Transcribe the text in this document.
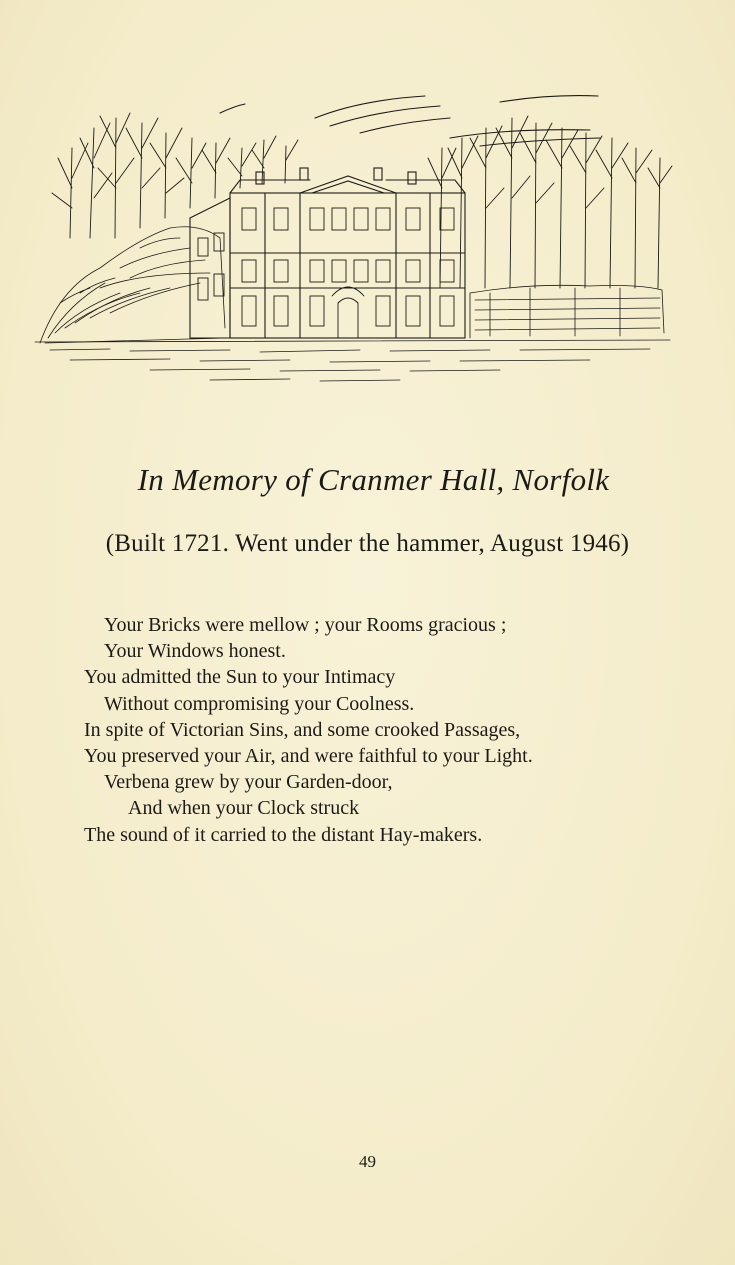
In Memory of Cranmer Hall, Norfolk
(Built 1721. Went under the hammer, August 1946)
Your Bricks were mellow ; your Rooms gracious ;
Your Windows honest.
You admitted the Sun to your Intimacy
Without compromising your Coolness.
In spite of Victorian Sins, and some crooked Passages,
You preserved your Air, and were faithful to your Light.
Verbena grew by your Garden-door,
And when your Clock struck
The sound of it carried to the distant Hay-makers.
49
